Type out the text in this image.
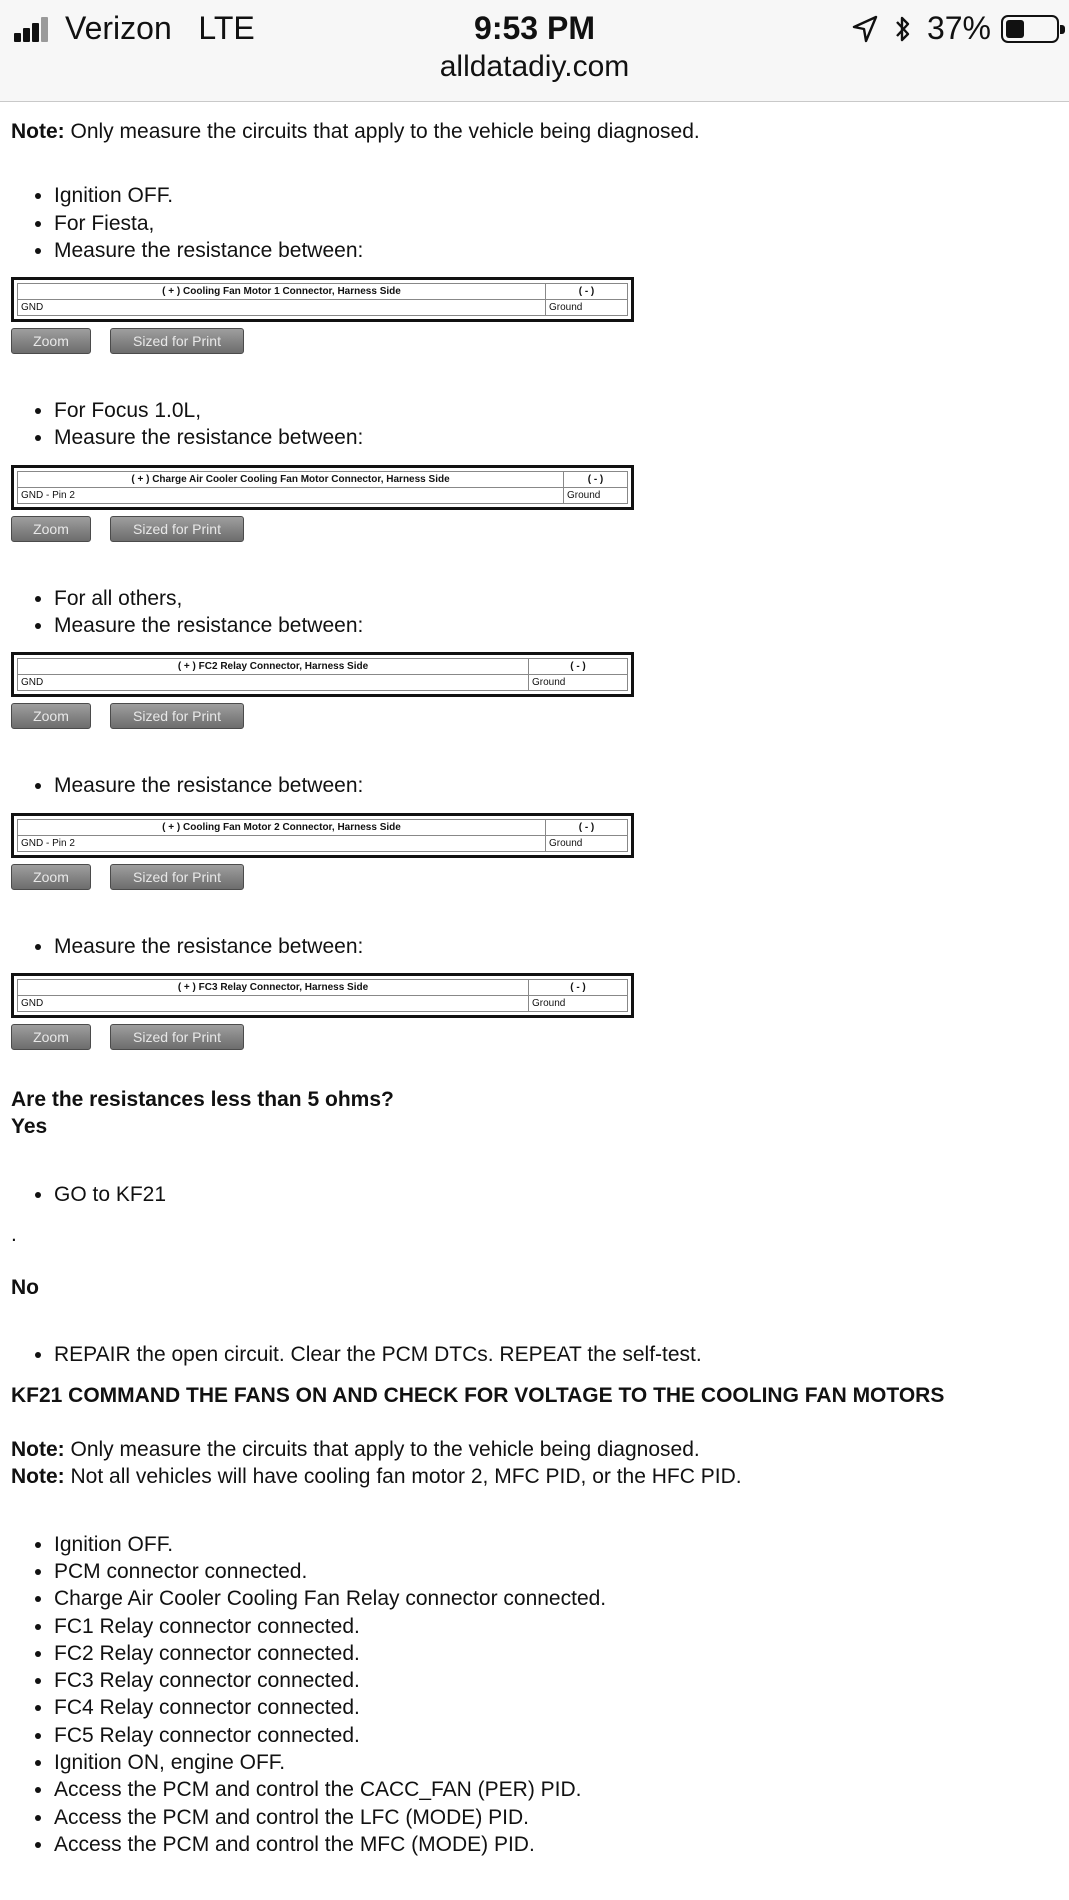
Verizon LTE	9:53 PM	37%
alldatadiy.com

Note: Only measure the circuits that apply to the vehicle being diagnosed.

• Ignition OFF.
• For Fiesta,
• Measure the resistance between:
( + ) Cooling Fan Motor 1 Connector, Harness Side	( - )
GND	Ground
Zoom	Sized for Print
• For Focus 1.0L,
• Measure the resistance between:
( + ) Charge Air Cooler Cooling Fan Motor Connector, Harness Side	( - )
GND - Pin 2	Ground
Zoom	Sized for Print
• For all others,
• Measure the resistance between:
( + ) FC2 Relay Connector, Harness Side	( - )
GND	Ground
Zoom	Sized for Print
• Measure the resistance between:
( + ) Cooling Fan Motor 2 Connector, Harness Side	( - )
GND - Pin 2	Ground
Zoom	Sized for Print
• Measure the resistance between:
( + ) FC3 Relay Connector, Harness Side	( - )
GND	Ground
Zoom	Sized for Print
Are the resistances less than 5 ohms?
Yes
• GO to KF21
.
No
• REPAIR the open circuit. Clear the PCM DTCs. REPEAT the self-test.
KF21 COMMAND THE FANS ON AND CHECK FOR VOLTAGE TO THE COOLING FAN MOTORS
Note: Only measure the circuits that apply to the vehicle being diagnosed.
Note: Not all vehicles will have cooling fan motor 2, MFC PID, or the HFC PID.
• Ignition OFF.
• PCM connector connected.
• Charge Air Cooler Cooling Fan Relay connector connected.
• FC1 Relay connector connected.
• FC2 Relay connector connected.
• FC3 Relay connector connected.
• FC4 Relay connector connected.
• FC5 Relay connector connected.
• Ignition ON, engine OFF.
• Access the PCM and control the CACC_FAN (PER) PID.
• Access the PCM and control the LFC (MODE) PID.
• Access the PCM and control the MFC (MODE) PID.
